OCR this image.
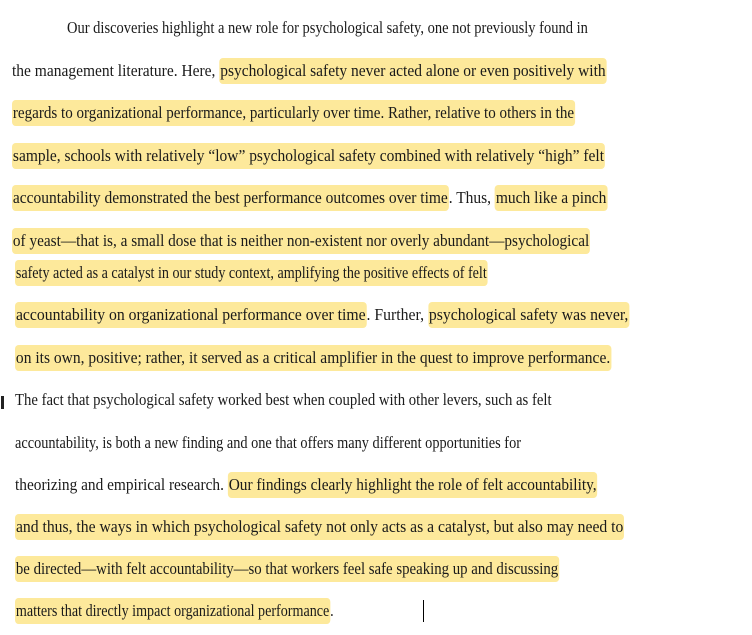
Our discoveries highlight a new role for psychological safety, one not previously found in
the management literature. Here, psychological safety never acted alone or even positively with
regards to organizational performance, particularly over time. Rather, relative to others in the
sample, schools with relatively “low” psychological safety combined with relatively “high” felt
accountability demonstrated the best performance outcomes over time. Thus, much like a pinch
of yeast—that is, a small dose that is neither non-existent nor overly abundant—psychological
safety acted as a catalyst in our study context, amplifying the positive effects of felt
accountability on organizational performance over time. Further, psychological safety was never,
on its own, positive; rather, it served as a critical amplifier in the quest to improve performance.
The fact that psychological safety worked best when coupled with other levers, such as felt
accountability, is both a new finding and one that offers many different opportunities for
theorizing and empirical research. Our findings clearly highlight the role of felt accountability,
and thus, the ways in which psychological safety not only acts as a catalyst, but also may need to
be directed—with felt accountability—so that workers feel safe speaking up and discussing
matters that directly impact organizational performance.
